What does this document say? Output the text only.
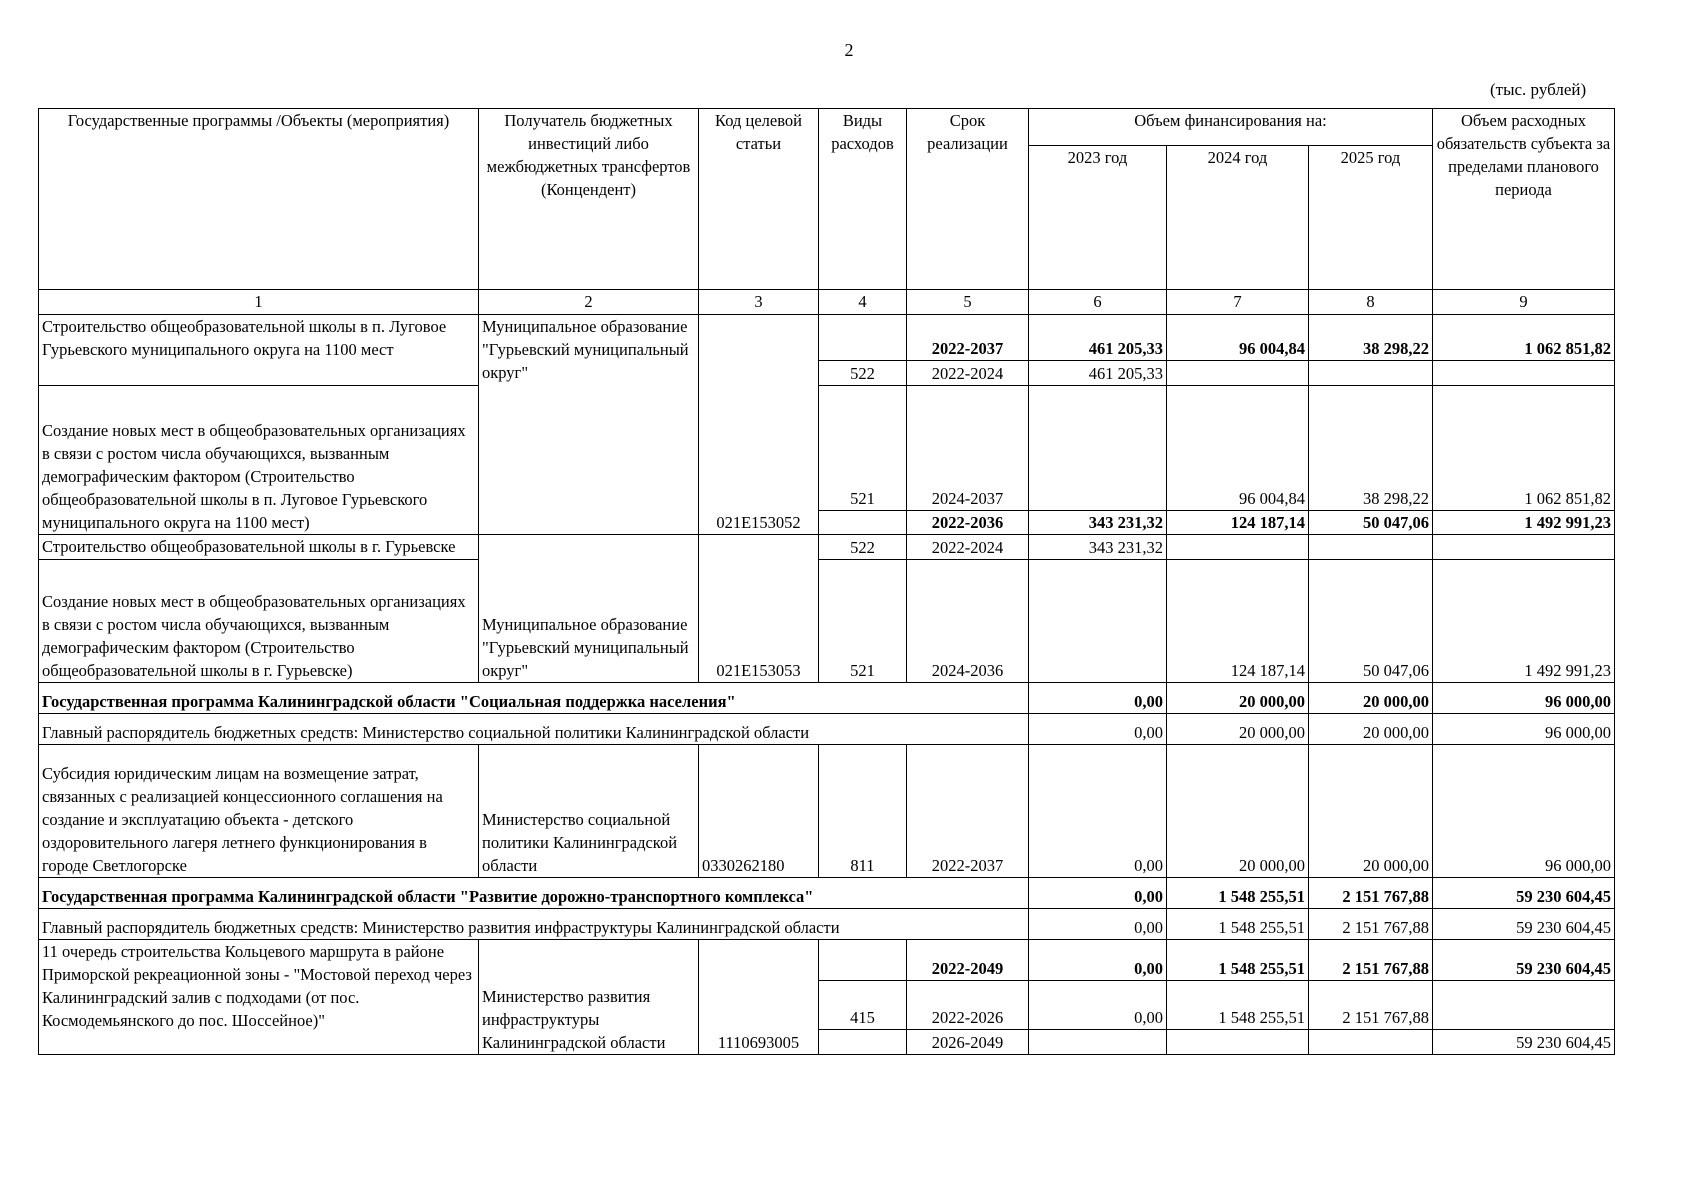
2
(тыс. рублей)
Государственные программы /Объекты (мероприятия)	Получатель бюджетных инвестиций либо межбюджетных трансфертов (Концендент)	Код целевой статьи	Виды расходов	Срок реализации	Объем финансирования на:			Объем расходных обязательств субъекта за пределами планового периода
					2023 год	2024 год	2025 год	
1	2	3	4	5	6	7	8	9
Строительство общеобразовательной школы в п. Луговое Гурьевского муниципального округа на 1100 мест	Муниципальное образование "Гурьевский муниципальный округ"	021Е153052		2022-2037	461 205,33	96 004,84	38 298,22	1 062 851,82
			522	2022-2024	461 205,33			
Создание новых мест в общеобразовательных организациях в связи с ростом числа обучающихся, вызванным демографическим фактором (Строительство общеобразовательной школы в п. Луговое Гурьевского муниципального округа на 1100 мест)			521	2024-2037		96 004,84	38 298,22	1 062 851,82
				2022-2036	343 231,32	124 187,14	50 047,06	1 492 991,23
Строительство общеобразовательной школы в г. Гурьевске	Муниципальное образование "Гурьевский муниципальный округ"	021Е153053	522	2022-2024	343 231,32			
Создание новых мест в общеобразовательных организациях в связи с ростом числа обучающихся, вызванным демографическим фактором (Строительство общеобразовательной школы в г. Гурьевске)			521	2024-2036		124 187,14	50 047,06	1 492 991,23
Государственная программа Калининградской области "Социальная поддержка населения"					0,00	20 000,00	20 000,00	96 000,00
Главный распорядитель бюджетных средств: Министерство социальной политики Калининградской области					0,00	20 000,00	20 000,00	96 000,00
Субсидия юридическим лицам на возмещение затрат, связанных с реализацией концессионного соглашения на создание и эксплуатацию объекта - детского оздоровительного лагеря летнего функционирования в городе Светлогорске	Министерство социальной политики Калининградской области	0330262180	811	2022-2037	0,00	20 000,00	20 000,00	96 000,00
Государственная программа Калининградской области "Развитие дорожно-транспортного комплекса"					0,00	1 548 255,51	2 151 767,88	59 230 604,45
Главный распорядитель бюджетных средств: Министерство развития инфраструктуры Калининградской области					0,00	1 548 255,51	2 151 767,88	59 230 604,45
11 очередь строительства Кольцевого маршрута в районе Приморской рекреационной зоны - "Мостовой переход через Калининградский залив с подходами (от пос. Космодемьянского до пос. Шоссейное)"	Министерство развития инфраструктуры Калининградской области	1110693005		2022-2049	0,00	1 548 255,51	2 151 767,88	59 230 604,45
			415	2022-2026	0,00	1 548 255,51	2 151 767,88	
				2026-2049				59 230 604,45
